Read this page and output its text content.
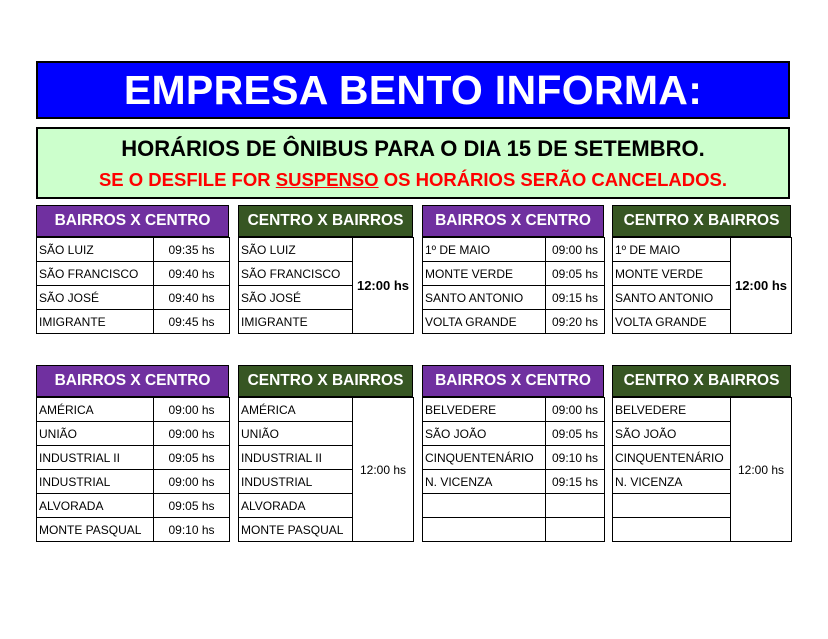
EMPRESA BENTO INFORMA:
HORÁRIOS DE ÔNIBUS PARA O DIA 15 DE SETEMBRO.
SE O DESFILE FOR SUSPENSO OS HORÁRIOS SERÃO CANCELADOS.
BAIRROS X CENTRO
SÃO LUIZ	09:35 hs
SÃO FRANCISCO	09:40 hs
SÃO JOSÉ	09:40 hs
IMIGRANTE	09:45 hs
CENTRO X BAIRROS
SÃO LUIZ	12:00 hs
SÃO FRANCISCO
SÃO JOSÉ
IMIGRANTE
BAIRROS X CENTRO
1º DE MAIO	09:00 hs
MONTE VERDE	09:05 hs
SANTO ANTONIO	09:15 hs
VOLTA GRANDE	09:20 hs
CENTRO X BAIRROS
1º DE MAIO	12:00 hs
MONTE VERDE
SANTO ANTONIO
VOLTA GRANDE
BAIRROS X CENTRO
AMÉRICA	09:00 hs
UNIÃO	09:00 hs
INDUSTRIAL II	09:05 hs
INDUSTRIAL	09:00 hs
ALVORADA	09:05 hs
MONTE PASQUAL	09:10 hs
CENTRO X BAIRROS
AMÉRICA	12:00 hs
UNIÃO
INDUSTRIAL II
INDUSTRIAL
ALVORADA
MONTE PASQUAL
BAIRROS X CENTRO
BELVEDERE	09:00 hs
SÃO JOÃO	09:05 hs
CINQUENTENÁRIO	09:10 hs
N. VICENZA	09:15 hs

CENTRO X BAIRROS
BELVEDERE	12:00 hs
SÃO JOÃO
CINQUENTENÁRIO
N. VICENZA
